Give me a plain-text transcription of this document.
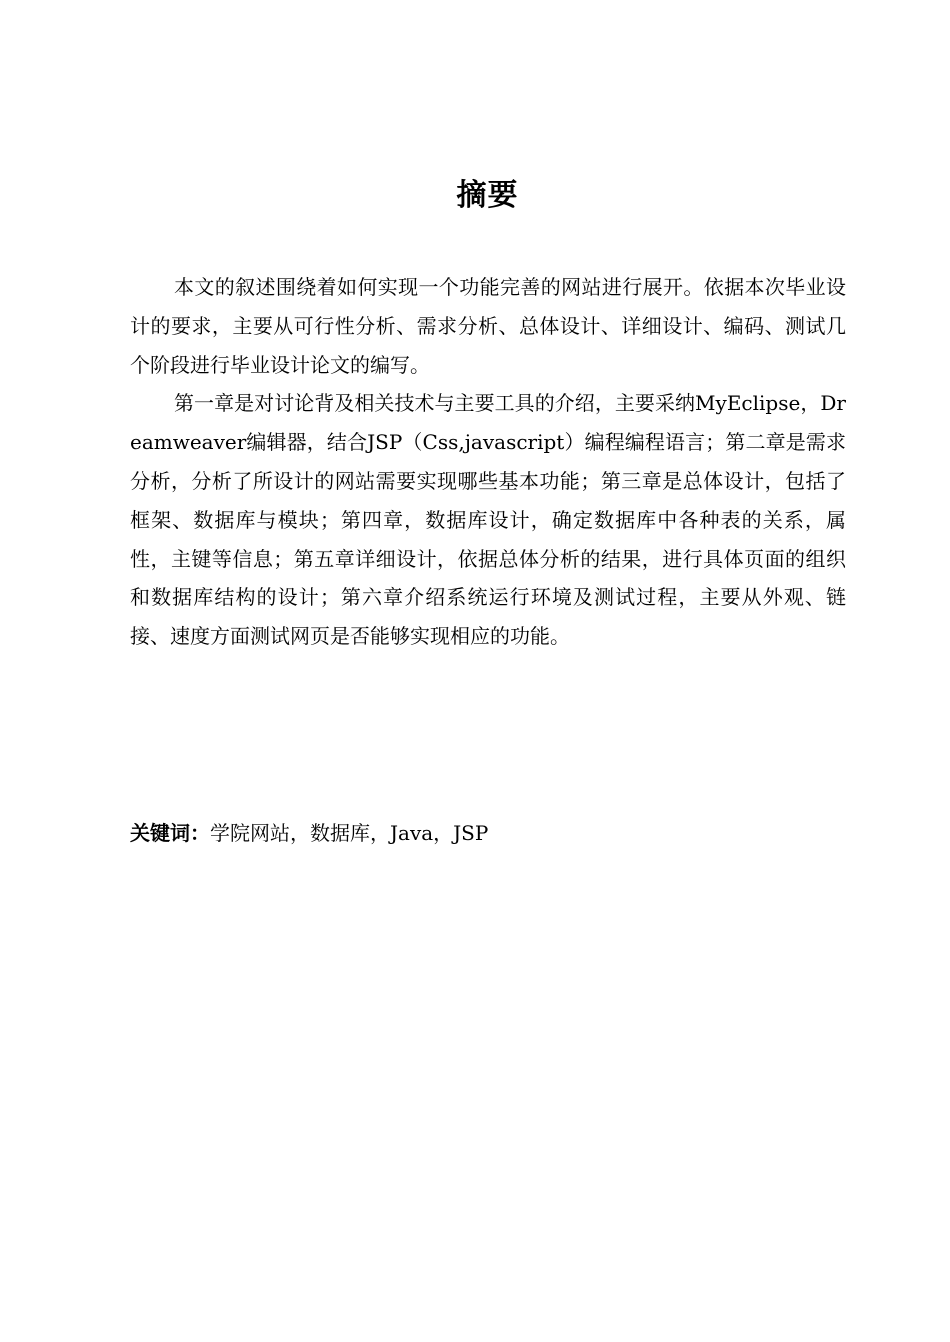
摘要

本文的叙述围绕着如何实现一个功能完善的网站进行展开。依据本次毕业设计的要求，主要从可行性分析、需求分析、总体设计、详细设计、编码、测试几个阶段进行毕业设计论文的编写。

第一章是对讨论背及相关技术与主要工具的介绍，主要采纳MyEclipse，Dreamweaver编辑器，结合JSP（Css,javascript）编程编程语言；第二章是需求分析，分析了所设计的网站需要实现哪些基本功能；第三章是总体设计，包括了框架、数据库与模块；第四章，数据库设计，确定数据库中各种表的关系，属性，主键等信息；第五章详细设计，依据总体分析的结果，进行具体页面的组织和数据库结构的设计；第六章介绍系统运行环境及测试过程，主要从外观、链接、速度方面测试网页是否能够实现相应的功能。

关键词：学院网站，数据库，Java，JSP
